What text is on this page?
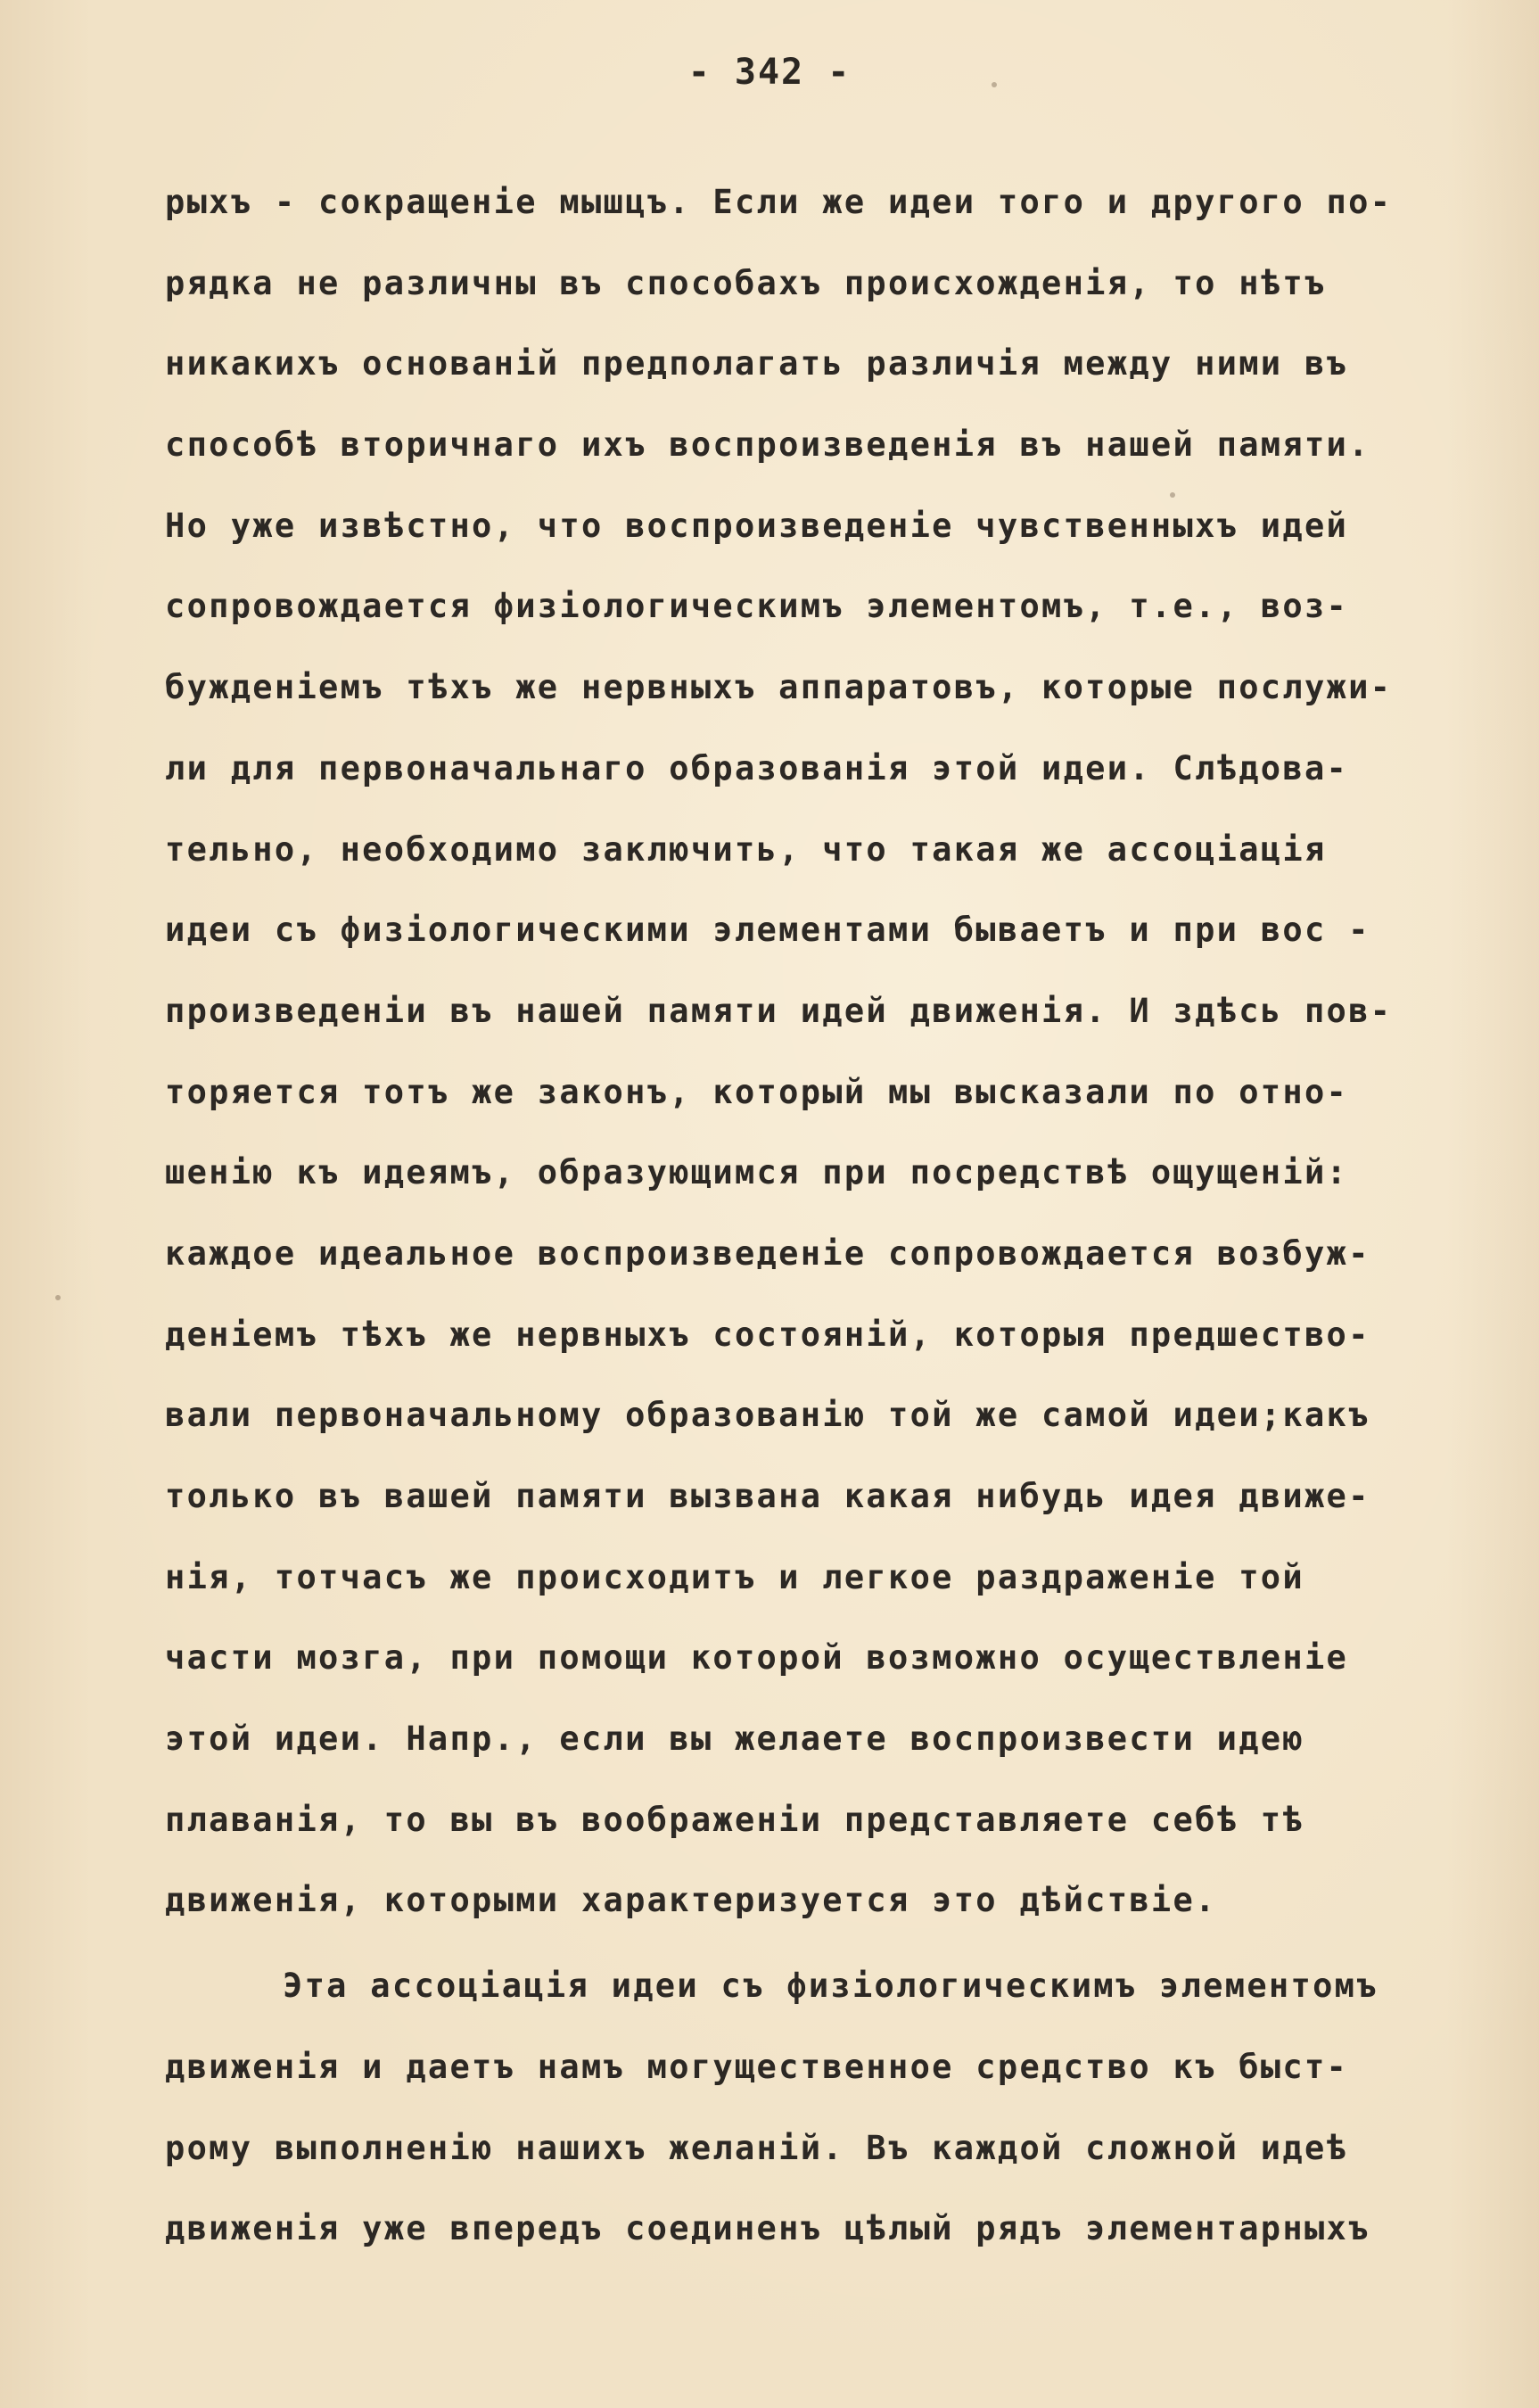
- 342 -
рыхъ - сокращенiе мышцъ. Если же идеи того и другого по-
рядка не различны въ способахъ происхожденiя, то нѣтъ
никакихъ основанiй предполагать различiя между ними въ
способѣ вторичнаго ихъ воспроизведенiя въ нашей памяти.
Но уже извѣстно, что воспроизведенiе чувственныхъ идей
сопровождается физiологическимъ элементомъ, т.е., воз-
бужденiемъ тѣхъ же нервныхъ аппаратовъ, которые послужи-
ли для первоначальнаго образованiя этой идеи. Слѣдова-
тельно, необходимо заключить, что такая же ассоцiацiя
идеи съ физiологическими элементами бываетъ и при вос -
произведенiи въ нашей памяти идей движенiя. И здѣсь пов-
торяется тотъ же законъ, который мы высказали по отно-
шенiю къ идеямъ, образующимся при посредствѣ ощущенiй:
каждое идеальное воспроизведенiе сопровождается возбуж-
денiемъ тѣхъ же нервныхъ состоянiй, которыя предшество-
вали первоначальному образованiю той же самой идеи;какъ
только въ вашей памяти вызвана какая нибудь идея движе-
нiя, тотчасъ же происходитъ и легкое раздраженiе той
части мозга, при помощи которой возможно осуществленiе
этой идеи. Напр., если вы желаете воспроизвести идею
плаванiя, то вы въ воображенiи представляете себѣ тѣ
движенiя, которыми характеризуется это дѣйствiе.
Эта ассоцiацiя идеи съ физiологическимъ элементомъ
движенiя и даетъ намъ могущественное средство къ быст-
рому выполненiю нашихъ желанiй. Въ каждой сложной идеѣ
движенiя уже впередъ соединенъ цѣлый рядъ элементарныхъ
